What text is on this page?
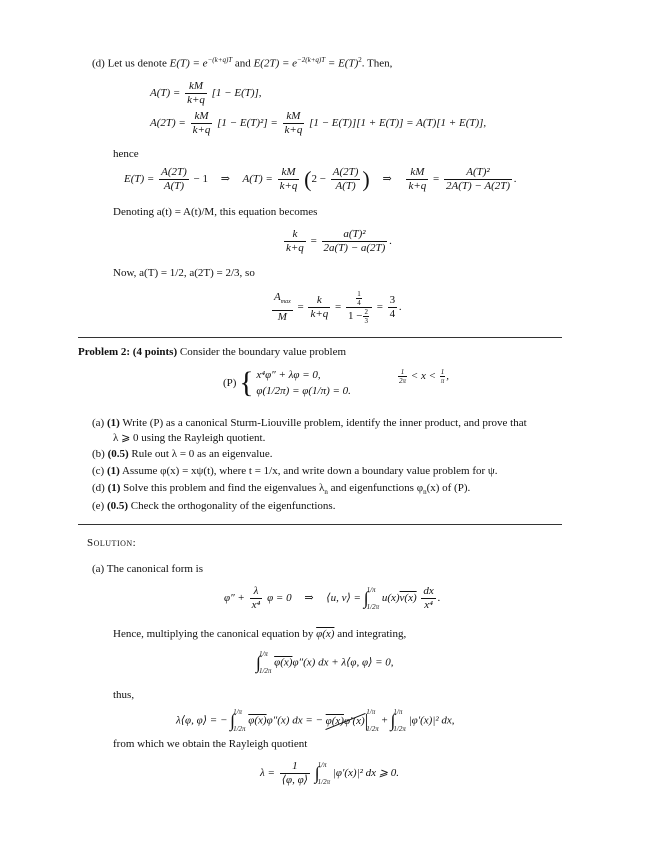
(d) Let us denote $E(T) = e^{-(k+q)T}$ and $E(2T) = e^{-2(k+q)T} = E(T)^2$. Then,
$A(T) = \frac{kM}{k+q} [1 - E(T)]$,
$A(2T) = \frac{kM}{k+q} [1 - E(T)^2] = \frac{kM}{k+q} [1 - E(T)][1 + E(T)] = A(T)[1 + E(T)]$,
hence
$E(T) = \frac{A(2T)}{A(T)} - 1$ ⇒ $A(T) = \frac{kM}{k+q} (2 - \frac{A(2T)}{A(T)}$ ) ⇒ $\frac{kM}{k+q} = \frac{\text{A(T)²}}{2A(T) - A(2T)}$ .
Denoting a(t) = A(t)/M, this equation becomes
$\frac{k}{k+q} = \frac{\text{a(T)²}}{2a(T) - a(2T)}$ .
Now, a(T) = 1/2, a(2T) = 2/3, so
$\frac{A_{max}}{M} = \frac{k}{k+q} = \frac{\frac{1}{4}}{1 - \frac{2}{3}} = \frac{3}{4}$ .
Problem 2: (4 points) Consider the boundary value problem
(P) { x⁴φ″ + λφ = 0,
φ(1/2π) = φ(1/π) = 0.
$\frac{1}{2\pi} < x < \frac{1}{\pi}$ ,
(a) (1) Write (P) as a canonical Sturm-Liouville problem, identify the inner product, and prove that
λ ⩾ 0 using the Rayleigh quotient.
(b) (0.5) Rule out λ = 0 as an eigenvalue.
(c) (1) Assume φ(x) = xψ(t), where t = 1/x, and write down a boundary value problem for ψ.
(d) (1) Solve this problem and find the eigenvalues $\lambda_n$ and eigenfunctions $\varphi_n(x)$ of (P).
(e) (0.5) Check the orthogonality of the eigenfunctions.
Solution:
(a) The canonical form is
$\varphi'' + \frac{\lambda}{\text{x⁴}}$ φ = 0 ⇒ ⟨u, v⟩ = ∫
1/π
1/2π
$u(x)v(x) \frac{dx}{\text{x⁴}}$ .
Hence, multiplying the canonical equation by φ(x) and integrating,
∫
1/π
1/2π
φ(x)φ″(x) dx + λ⟨φ, φ⟩ = 0,
thus,
λ⟨φ, φ⟩ = − ∫
1/π
1/2π
φ(x)φ″(x) dx = − φ(x)φ′(x)|
1/π
1/2π
+ ∫
1/π
1/2π
|φ′(x)|² dx,
from which we obtain the Rayleigh quotient
$\lambda = \frac{1}{⟨\varphi, \varphi⟩}$ ∫
1/π
1/2π
|φ′(x)|² dx ⩾ 0.
